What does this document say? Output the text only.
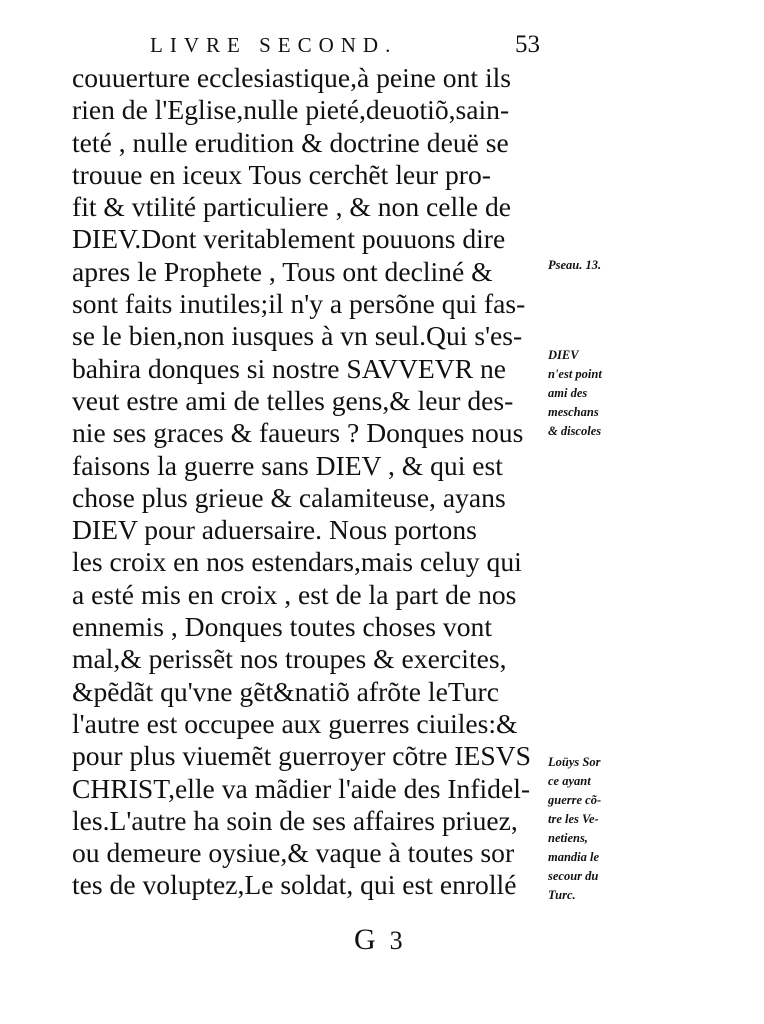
LIVRE SECOND.	53
couuerture ecclesiastique,à peine ont ils
rien de l'Eglise,nulle pieté,deuotiõ,sain-
teté , nulle erudition & doctrine deuë se
trouue en iceux Tous cerchẽt leur pro-
fit & vtilité particuliere , & non celle de
DIEV.Dont veritablement pouuons dire
apres le Prophete , Tous ont decliné &
sont faits inutiles;il n'y a persõne qui fas-
se le bien,non iusques à vn seul.Qui s'es-
bahira donques si nostre SAVVEVR ne
veut estre ami de telles gens,& leur des-
nie ses graces & faueurs ? Donques nous
faisons la guerre sans DIEV , & qui est
chose plus grieue & calamiteuse, ayans
DIEV pour aduersaire. Nous portons
les croix en nos estendars,mais celuy qui
a esté mis en croix , est de la part de nos
ennemis , Donques toutes choses vont
mal,& perissẽt nos troupes & exercites,
&pẽdãt qu'vne gẽt&natiõ afrõte leTurc
l'autre est occupee aux guerres ciuiles:&
pour plus viuemẽt guerroyer cõtre IESVS
CHRIST,elle va mãdier l'aide des Infidel-
les.L'autre ha soin de ses affaires priuez,
ou demeure oysiue,& vaque à toutes sor
tes de voluptez,Le soldat, qui est enrollé
Pseau. 13.
DIEV
n'est point
ami des
meschans
& discoles
Loüys Sor
ce ayant
guerre cõ-
tre les Ve-
netiens,
mandia le
secour du
Turc.
G 3
